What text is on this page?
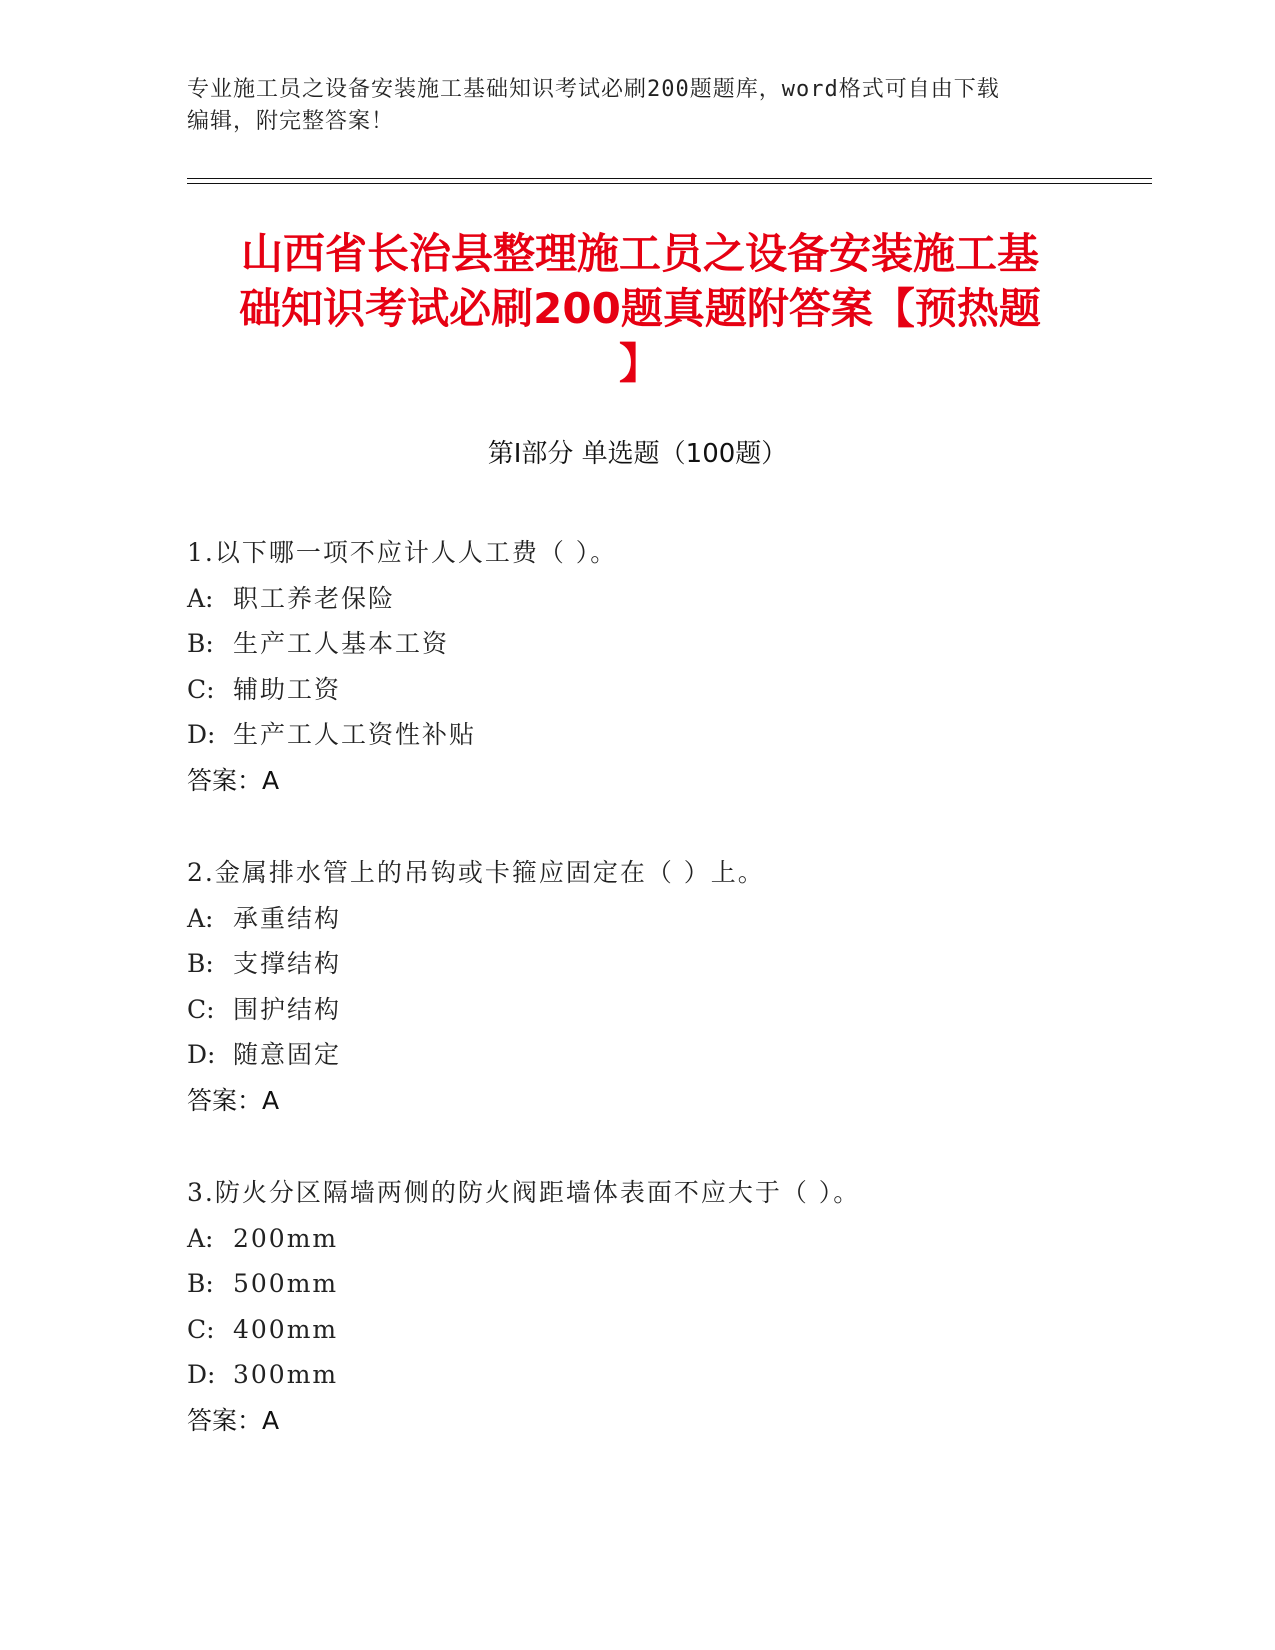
专业施工员之设备安装施工基础知识考试必刷200题题库，word格式可自由下载
编辑，附完整答案！
山西省长治县整理施工员之设备安装施工基
础知识考试必刷200题真题附答案【预热题
】
第Ⅰ部分 单选题（100题）
1.以下哪一项不应计人人工费（ ）。
A: 职工养老保险
B: 生产工人基本工资
C: 辅助工资
D: 生产工人工资性补贴
答案：A
2.金属排水管上的吊钩或卡箍应固定在（ ）上。
A: 承重结构
B: 支撑结构
C: 围护结构
D: 随意固定
答案：A
3.防火分区隔墙两侧的防火阀距墙体表面不应大于（ ）。
A: 200mm
B: 500mm
C: 400mm
D: 300mm
答案：A
